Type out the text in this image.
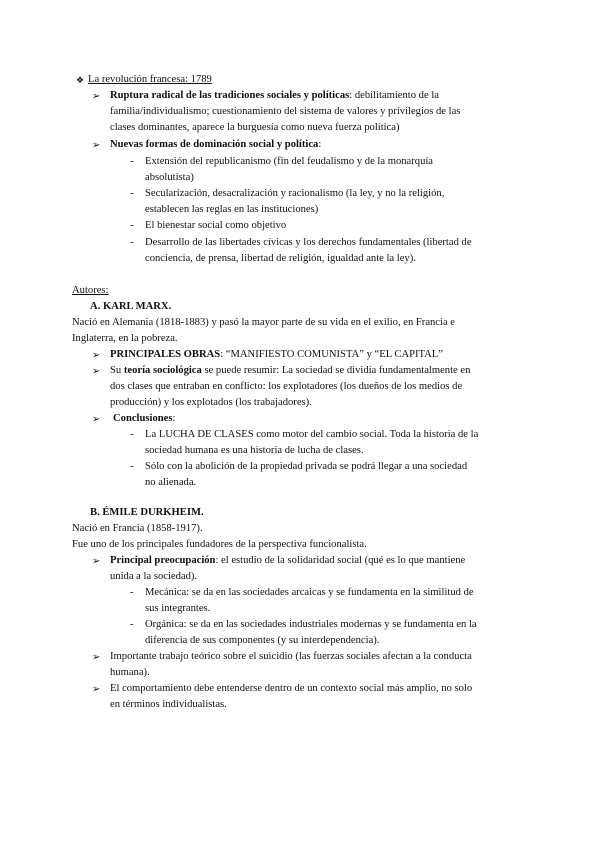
❖ La revolución francesa: 1789
➢ Ruptura radical de las tradiciones sociales y políticas: debilitamiento de la
familia/individualismo; cuestionamiento del sistema de valores y privilegios de las
clases dominantes, aparece la burguesía como nueva fuerza política)
➢ Nuevas formas de dominación social y política:
- Extensión del republicanismo (fin del feudalismo y de la monarquía
absolutista)
- Secularización, desacralización y racionalismo (la ley, y no la religión,
establecen las reglas en las instituciones)
- El bienestar social como objetivo
- Desarrollo de las libertades cívicas y los derechos fundamentales (libertad de
conciencia, de prensa, libertad de religión, igualdad ante la ley).
Autores:
A. KARL MARX.
Nació en Alemania (1818-1883) y pasó la mayor parte de su vida en el exilio, en Francia e
Inglaterra, en la pobreza.
➢ PRINCIPALES OBRAS: “MANIFIESTO COMUNISTA” y “EL CAPITAL”
➢ Su teoría sociológica se puede resumir: La sociedad se dividía fundamentalmente en
dos clases que entraban en conflicto: los explotadores (los dueños de los medios de
producción) y los explotados (los trabajadores).
➢ Conclusiones:
- La LUCHA DE CLASES como motor del cambio social. Toda la historia de la
sociedad humana es una historia de lucha de clases.
- Sólo con la abolición de la propiedad privada se podrá llegar a una sociedad
no alienada.
B. ÉMILE DURKHEIM.
Nació en Francia (1858-1917).
Fue uno de los principales fundadores de la perspectiva funcionalista.
➢ Principal preocupación: el estudio de la solidaridad social (qué es lo que mantiene
unida a la sociedad).
- Mecánica: se da en las sociedades arcaicas y se fundamenta en la similitud de
sus integrantes.
- Orgánica: se da en las sociedades industriales modernas y se fundamenta en la
diferencia de sus componentes (y su interdependencia).
➢ Importante trabajo teórico sobre el suicidio (las fuerzas sociales afectan a la conducta
humana).
➢ El comportamiento debe entenderse dentro de un contexto social más amplio, no solo
en términos individualistas.
